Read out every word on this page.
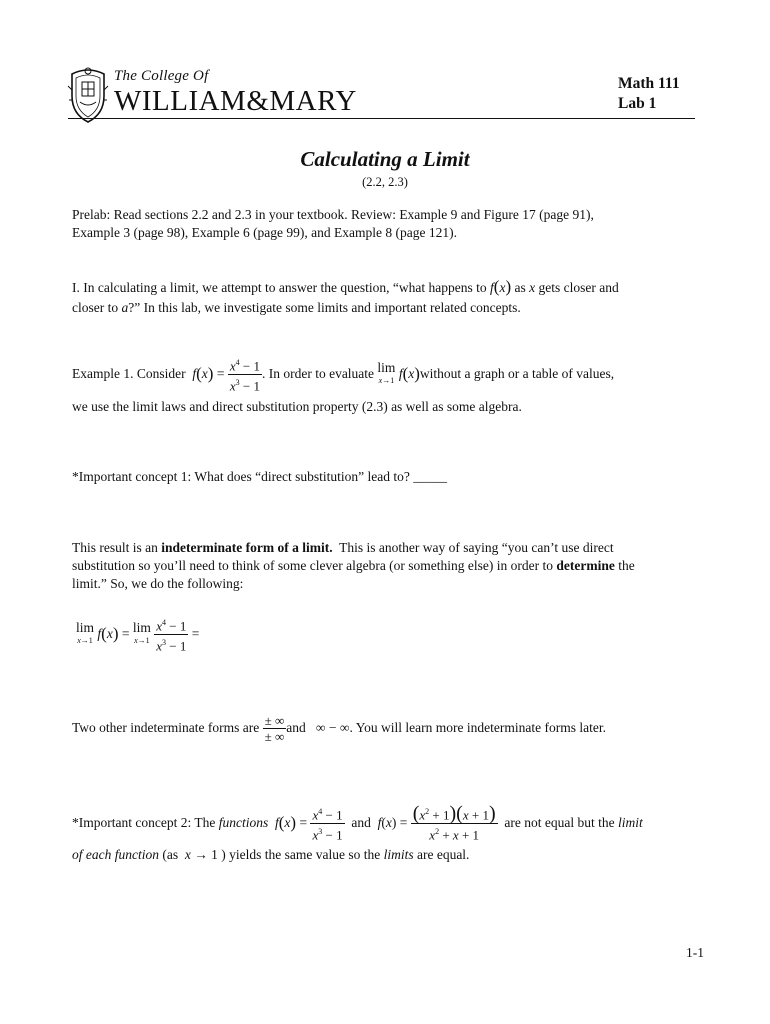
The College Of
WILLIAM&MARY
Math 111
Lab 1
Calculating a Limit
(2.2, 2.3)
Prelab: Read sections 2.2 and 2.3 in your textbook. Review: Example 9 and Figure 17 (page 91),
Example 3 (page 98), Example 6 (page 99), and Example 8 (page 121).
I. In calculating a limit, we attempt to answer the question, “what happens to f(x) as x gets closer and
closer to a?” In this lab, we investigate some limits and important related concepts.
Example 1. Consider
f ( x ) = $\frac{x^4 - 1}{x^3 - 1}$ . In order to evaluate
lim
x→1
f ( x ) without a graph or a table of values,
we use the limit laws and direct substitution property (2.3) as well as some algebra.
*Important concept 1: What does “direct substitution” lead to? _____
This result is an indeterminate form of a limit. This is another way of saying “you can’t use direct
substitution so you’ll need to think of some clever algebra (or something else) in order to determine the
limit.” So, we do the following:
lim
x→1
f ( x ) = lim
x→1
$\frac{x^4 - 1}{x^3 - 1}$ =
Two other indeterminate forms are
$\frac{\pm \infty}{\pm \infty}$ and ∞ − ∞ . You will learn more indeterminate forms later.
*Important concept 2: The
functions
f ( x ) = $\frac{x^4 - 1}{x^3 - 1}$
and
f ( x ) = $\frac{(x^2 + 1)(x + 1)}{x^2 + x + 1}$
are not equal but the
limit
of each function (as x → 1 ) yields the same value so the limits are equal.
1-1
